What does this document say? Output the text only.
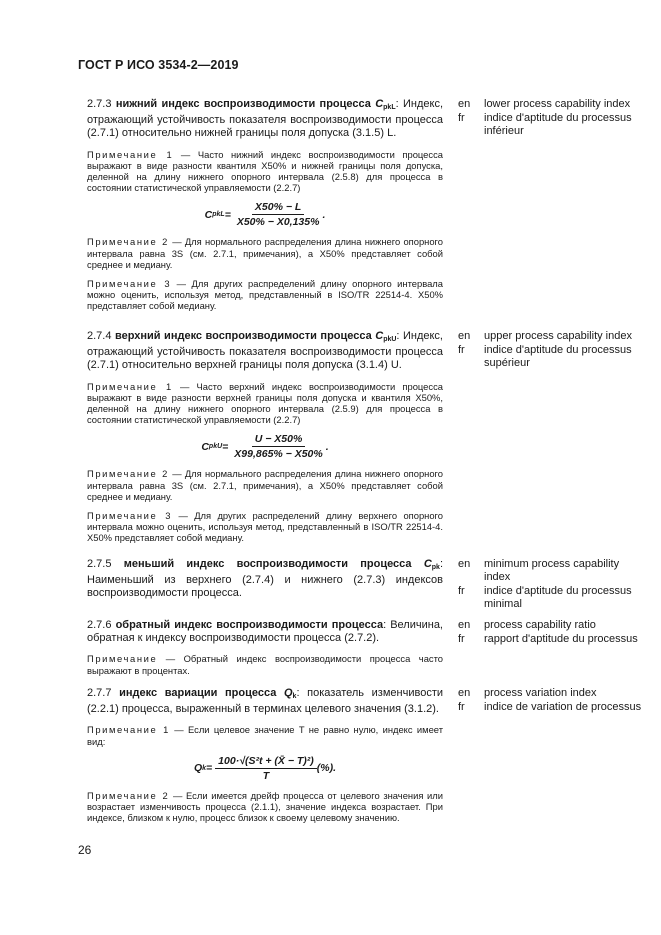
ГОСТ Р ИСО 3534-2—2019

2.7.3 нижний индекс воспроизводимости процесса $C_{pkL}$: Индекс, отражающий устойчивость показателя воспроизводимости процесса (2.7.1) относительно нижней границы поля допуска (3.1.5) L.

Примечание 1 — Часто нижний индекс воспроизводимости процесса выражают в виде разности квантиля X50% и нижней границы поля допуска, деленной на длину нижнего опорного интервала (2.5.8) для процесса в состоянии статистической управляемости (2.2.7)

C pkL = $\frac{X50\% - L}{X50\% - X0,135\%}$ .

Примечание 2 — Для нормального распределения длина нижнего опорного интервала равна 3S (см. 2.7.1, примечания), а X50% представляет собой среднее и медиану.

Примечание 3 — Для других распределений длину опорного интервала можно оценить, используя метод, представленный в ISO/TR 22514-4. X50% представляет собой медиану.

en	lower process capability index
fr	indice d'aptitude du processus inférieur

2.7.4 верхний индекс воспроизводимости процесса $C_{pkU}$: Индекс, отражающий устойчивость показателя воспроизводимости процесса (2.7.1) относительно верхней границы поля допуска (3.1.4) U.

Примечание 1 — Часто верхний индекс воспроизводимости процесса выражают в виде разности верхней границы поля допуска и квантиля X50%, деленной на длину нижнего опорного интервала (2.5.9) для процесса в состоянии статистической управляемости (2.2.7)

C pkU = $\frac{U - X50\%}{X99,865\% - X50\%}$ .

Примечание 2 — Для нормального распределения длина нижнего опорного интервала равна 3S (см. 2.7.1, примечания), а X50% представляет собой среднее и медиану.

Примечание 3 — Для других распределений длину верхнего опорного интервала можно оценить, используя метод, представленный в ISO/TR 22514-4. X50% представляет собой медиану.

en	upper process capability index
fr	indice d'aptitude du processus supérieur

2.7.5 меньший индекс воспроизводимости процесса $C_{pk}$: Наименьший из верхнего (2.7.4) и нижнего (2.7.3) индексов воспроизводимости процесса.

en	minimum process capability index
fr	indice d'aptitude du processus minimal

2.7.6 обратный индекс воспроизводимости процесса: Величина, обратная к индексу воспроизводимости процесса (2.7.2).

Примечание — Обратный индекс воспроизводимости процесса часто выражают в процентах.

en	process capability ratio
fr	rapport d'aptitude du processus

2.7.7 индекс вариации процесса $Q_k$: показатель изменчивости (2.2.1) процесса, выраженный в терминах целевого значения (3.1.2).

Примечание 1 — Если целевое значение T не равно нулю, индекс имеет вид:

Q $k = \frac{\text{100·√(S²t + (X̄ − T)²)}}{T}$ (%).

Примечание 2 — Если имеется дрейф процесса от целевого значения или возрастает изменчивость процесса (2.1.1), значение индекса возрастает. При индексе, близком к нулю, процесс близок к своему целевому значению.

en	process variation index
fr	indice de variation de processus
26
